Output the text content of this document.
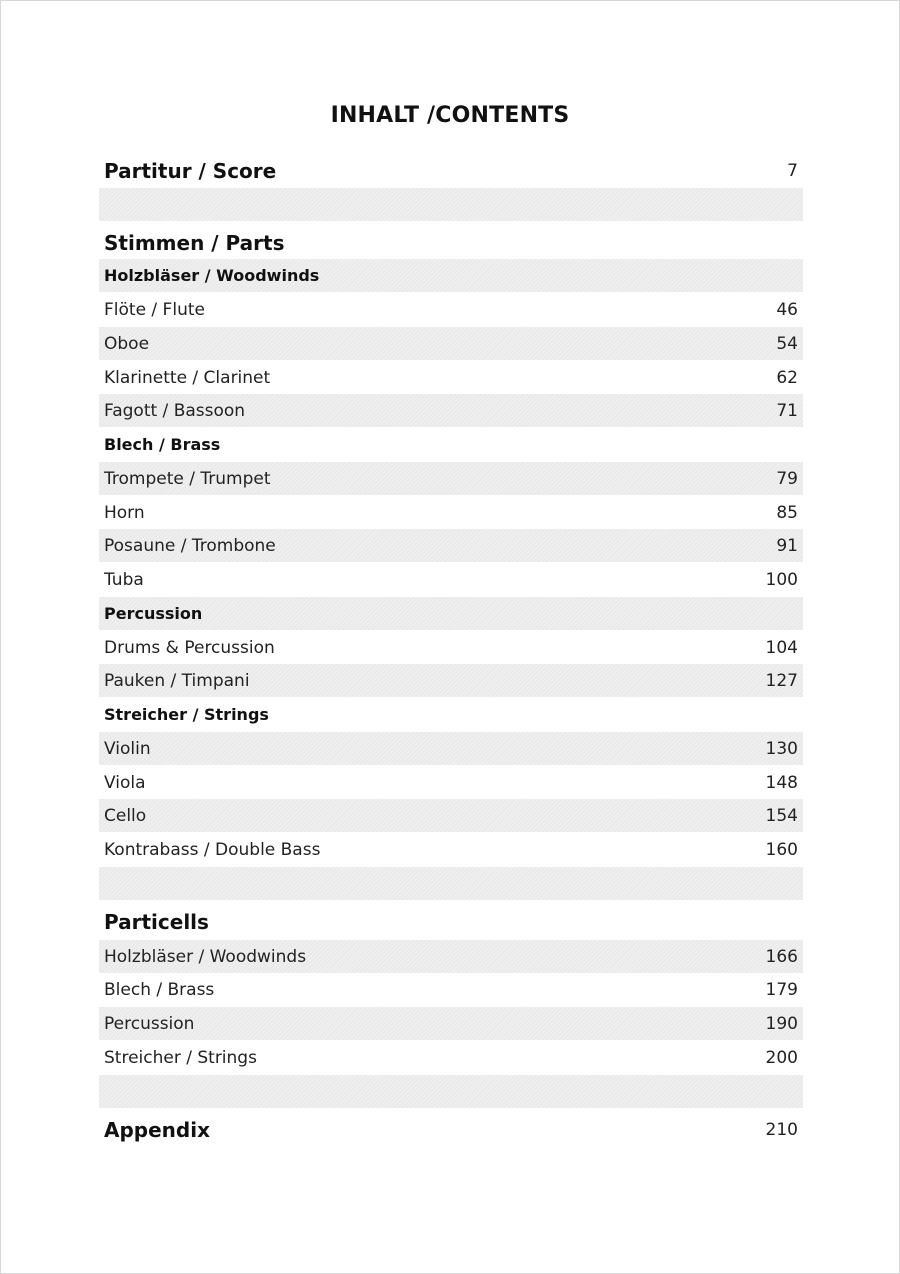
INHALT /CONTENTS
Partitur / Score	7
Stimmen / Parts
Holzbläser / Woodwinds
Flöte / Flute	46
Oboe	54
Klarinette / Clarinet	62
Fagott / Bassoon	71
Blech / Brass
Trompete / Trumpet	79
Horn	85
Posaune / Trombone	91
Tuba	100
Percussion
Drums & Percussion	104
Pauken / Timpani	127
Streicher / Strings
Violin	130
Viola	148
Cello	154
Kontrabass / Double Bass	160
Particells
Holzbläser / Woodwinds	166
Blech / Brass	179
Percussion	190
Streicher / Strings	200
Appendix	210
